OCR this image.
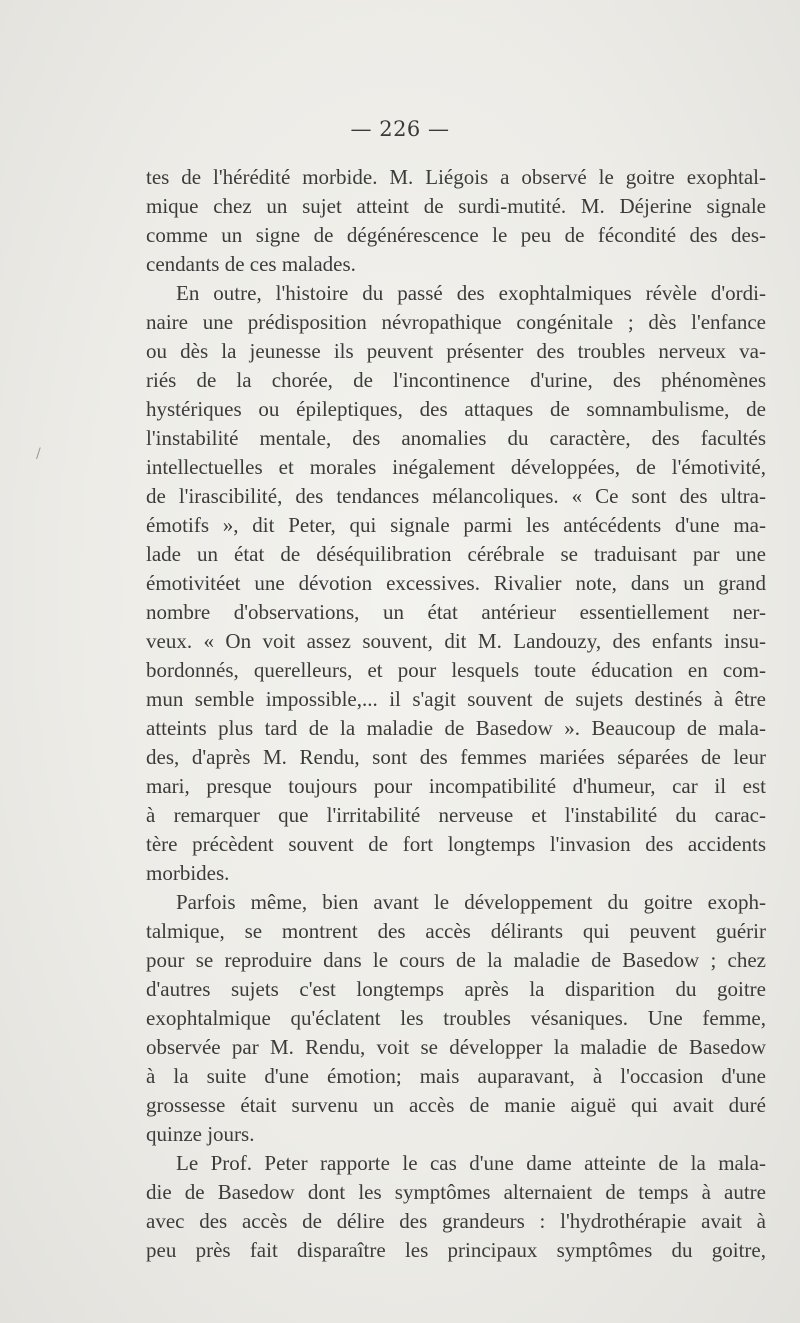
— 226 —
/
tes de l'hérédité morbide. M. Liégois a observé le goitre exophtal-
mique chez un sujet atteint de surdi-mutité. M. Déjerine signale
comme un signe de dégénérescence le peu de fécondité des des-
cendants de ces malades.
En outre, l'histoire du passé des exophtalmiques révèle d'ordi-
naire une prédisposition névropathique congénitale ; dès l'enfance
ou dès la jeunesse ils peuvent présenter des troubles nerveux va-
riés de la chorée, de l'incontinence d'urine, des phénomènes
hystériques ou épileptiques, des attaques de somnambulisme, de
l'instabilité mentale, des anomalies du caractère, des facultés
intellectuelles et morales inégalement développées, de l'émotivité,
de l'irascibilité, des tendances mélancoliques. « Ce sont des ultra-
émotifs », dit Peter, qui signale parmi les antécédents d'une ma-
lade un état de déséquilibration cérébrale se traduisant par une
émotivitéet une dévotion excessives. Rivalier note, dans un grand
nombre d'observations, un état antérieur essentiellement ner-
veux. « On voit assez souvent, dit M. Landouzy, des enfants insu-
bordonnés, querelleurs, et pour lesquels toute éducation en com-
mun semble impossible,... il s'agit souvent de sujets destinés à être
atteints plus tard de la maladie de Basedow ». Beaucoup de mala-
des, d'après M. Rendu, sont des femmes mariées séparées de leur
mari, presque toujours pour incompatibilité d'humeur, car il est
à remarquer que l'irritabilité nerveuse et l'instabilité du carac-
tère précèdent souvent de fort longtemps l'invasion des accidents
morbides.
Parfois même, bien avant le développement du goitre exoph-
talmique, se montrent des accès délirants qui peuvent guérir
pour se reproduire dans le cours de la maladie de Basedow ; chez
d'autres sujets c'est longtemps après la disparition du goitre
exophtalmique qu'éclatent les troubles vésaniques. Une femme,
observée par M. Rendu, voit se développer la maladie de Basedow
à la suite d'une émotion; mais auparavant, à l'occasion d'une
grossesse était survenu un accès de manie aiguë qui avait duré
quinze jours.
Le Prof. Peter rapporte le cas d'une dame atteinte de la mala-
die de Basedow dont les symptômes alternaient de temps à autre
avec des accès de délire des grandeurs : l'hydrothérapie avait à
peu près fait disparaître les principaux symptômes du goitre,
